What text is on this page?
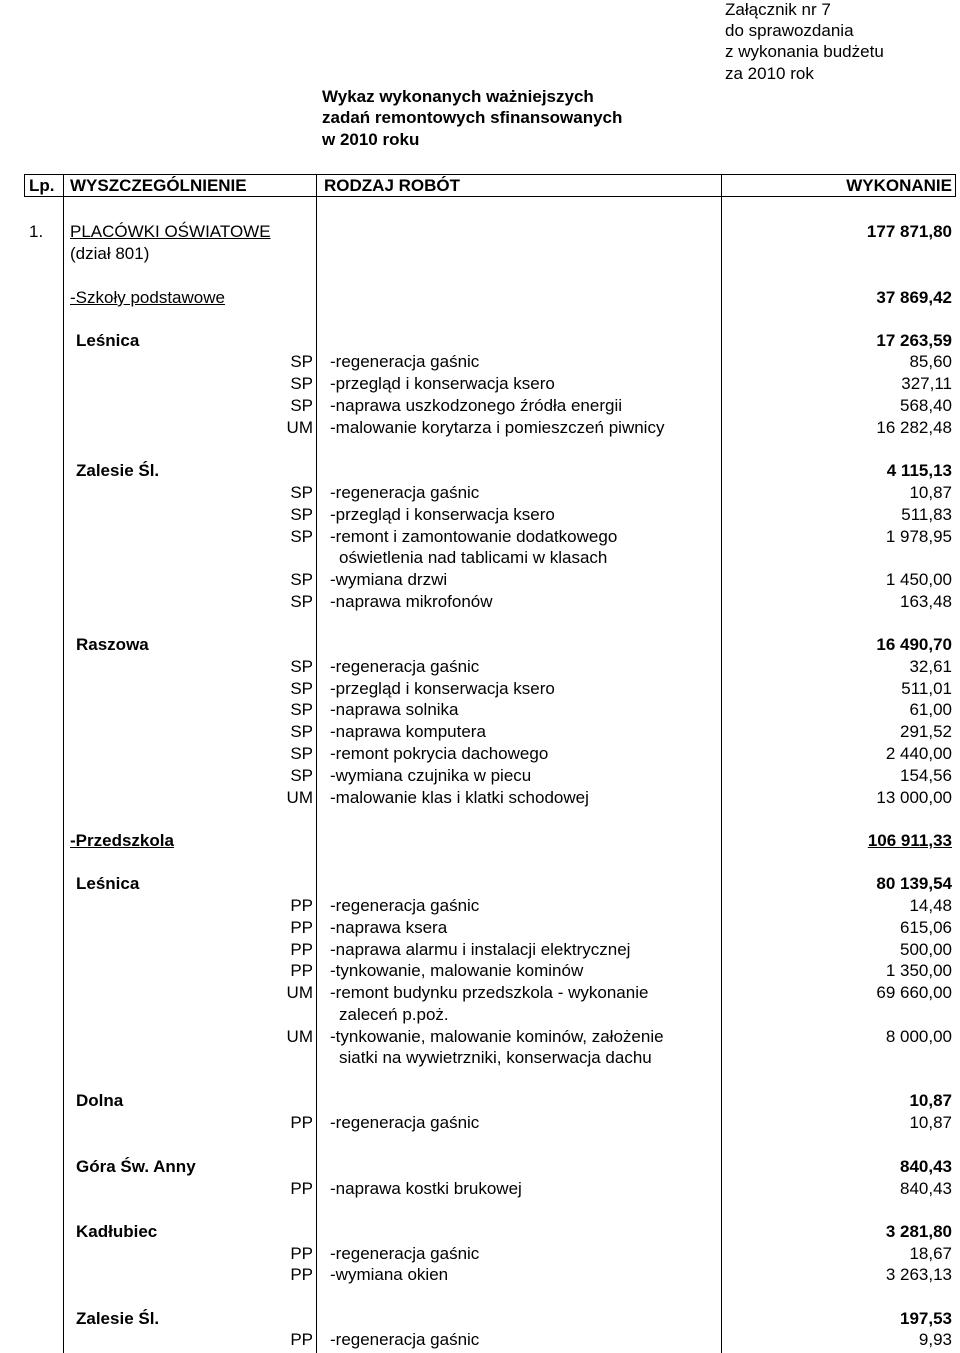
Załącznik nr 7
do sprawozdania
z wykonania budżetu
za 2010 rok
Wykaz wykonanych ważniejszych
zadań remontowych sfinansowanych
w 2010 roku
Lp. WYSZCZEGÓLNIENIE	RODZAJ ROBÓT	WYKONANIE
1. PLACÓWKI OŚWIATOWE	177 871,80
(dział 801)
-Szkoły podstawowe	37 869,42
Leśnica	17 263,59
SP -regeneracja gaśnic	85,60
SP -przegląd i konserwacja ksero	327,11
SP -naprawa uszkodzonego źródła energii	568,40
UM -malowanie korytarza i pomieszczeń piwnicy	16 282,48
Zalesie Śl.	4 115,13
SP -regeneracja gaśnic	10,87
SP -przegląd i konserwacja ksero	511,83
SP -remont i zamontowanie dodatkowego	1 978,95
oświetlenia nad tablicami w klasach
SP -wymiana drzwi	1 450,00
SP -naprawa mikrofonów	163,48
Raszowa	16 490,70
SP -regeneracja gaśnic	32,61
SP -przegląd i konserwacja ksero	511,01
SP -naprawa solnika	61,00
SP -naprawa komputera	291,52
SP -remont pokrycia dachowego	2 440,00
SP -wymiana czujnika w piecu	154,56
UM -malowanie klas i klatki schodowej	13 000,00
-Przedszkola	106 911,33
Leśnica	80 139,54
PP -regeneracja gaśnic	14,48
PP -naprawa ksera	615,06
PP -naprawa alarmu i instalacji elektrycznej	500,00
PP -tynkowanie, malowanie kominów	1 350,00
UM -remont budynku przedszkola - wykonanie	69 660,00
zaleceń p.poż.
UM -tynkowanie, malowanie kominów, założenie	8 000,00
siatki na wywietrzniki, konserwacja dachu
Dolna	10,87
PP -regeneracja gaśnic	10,87
Góra Św. Anny	840,43
PP -naprawa kostki brukowej	840,43
Kadłubiec	3 281,80
PP -regeneracja gaśnic	18,67
PP -wymiana okien	3 263,13
Zalesie Śl.	197,53
PP -regeneracja gaśnic	9,93
